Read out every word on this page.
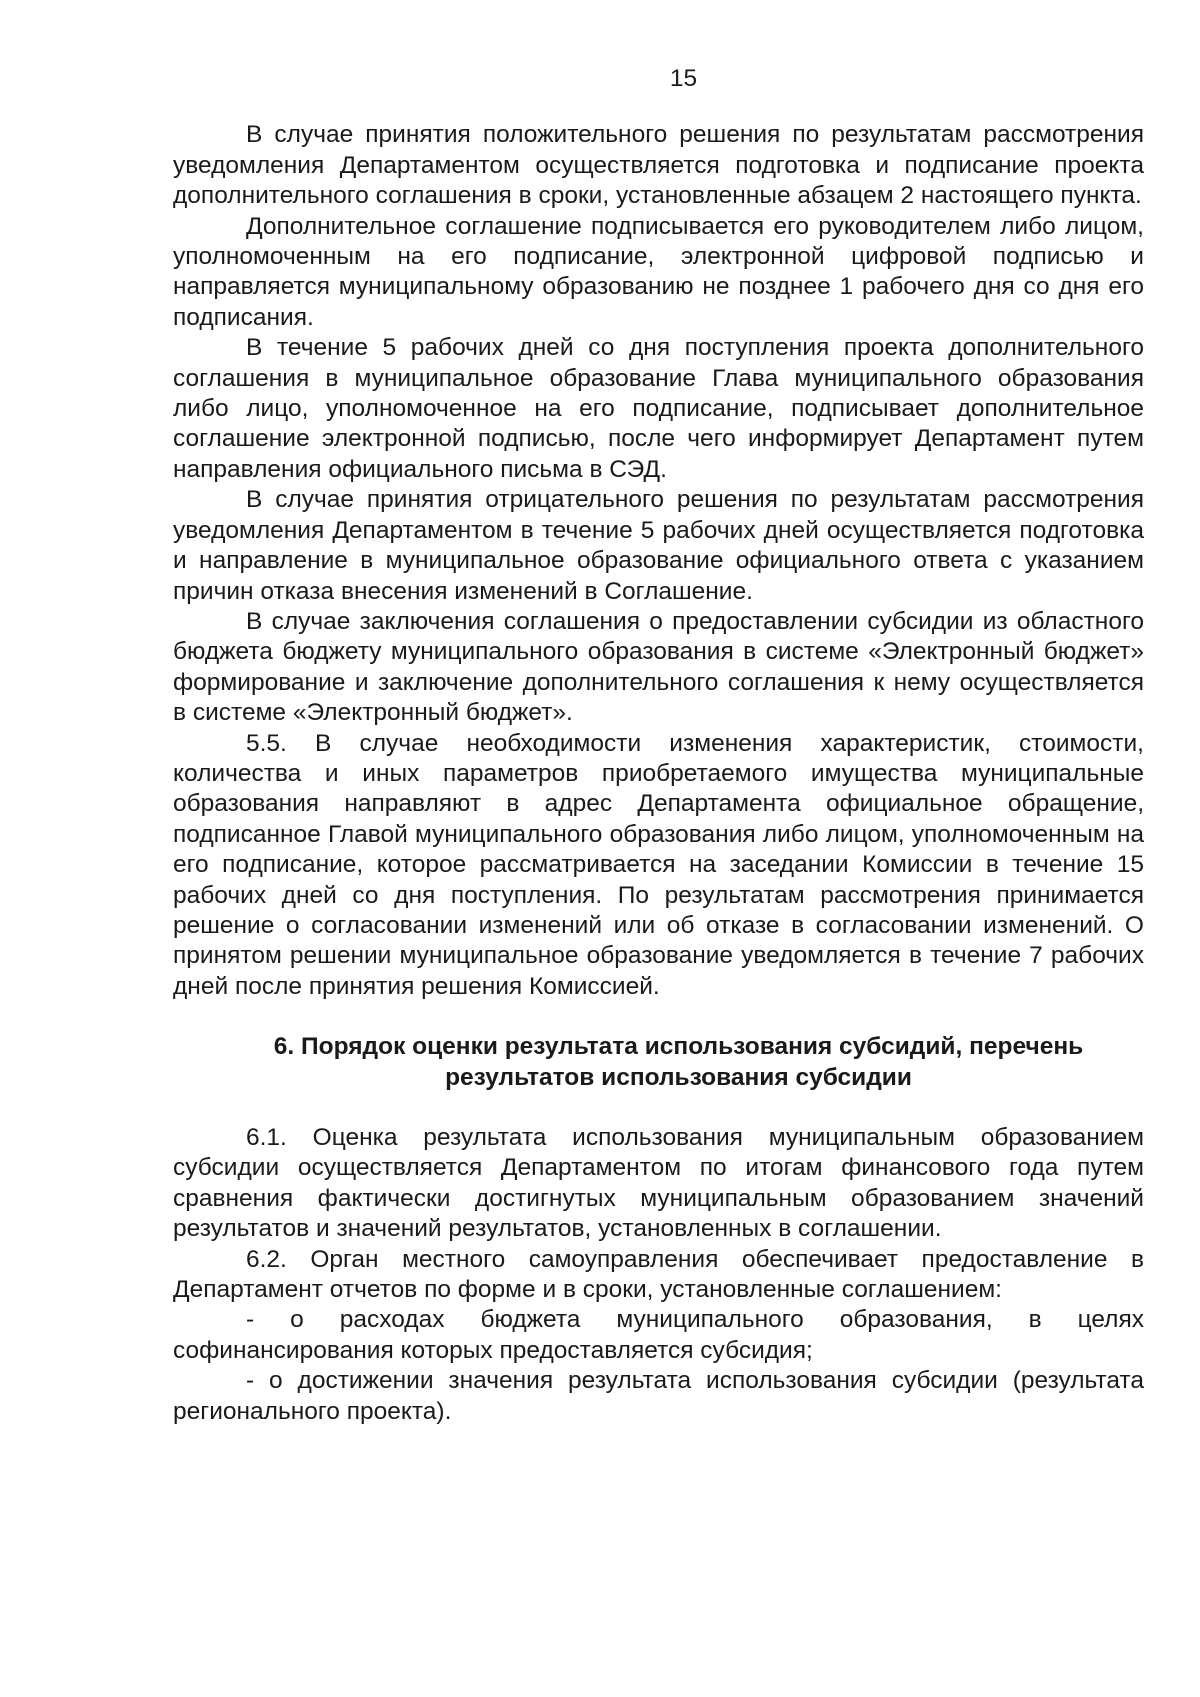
15

В случае принятия положительного решения по результатам рассмотрения уведомления Департаментом осуществляется подготовка и подписание проекта дополнительного соглашения в сроки, установленные абзацем 2 настоящего пункта.

Дополнительное соглашение подписывается его руководителем либо лицом, уполномоченным на его подписание, электронной цифровой подписью и направляется муниципальному образованию не позднее 1 рабочего дня со дня его подписания.

В течение 5 рабочих дней со дня поступления проекта дополнительного соглашения в муниципальное образование Глава муниципального образования либо лицо, уполномоченное на его подписание, подписывает дополнительное соглашение электронной подписью, после чего информирует Департамент путем направления официального письма в СЭД.

В случае принятия отрицательного решения по результатам рассмотрения уведомления Департаментом в течение 5 рабочих дней осуществляется подготовка и направление в муниципальное образование официального ответа с указанием причин отказа внесения изменений в Соглашение.

В случае заключения соглашения о предоставлении субсидии из областного бюджета бюджету муниципального образования в системе «Электронный бюджет» формирование и заключение дополнительного соглашения к нему осуществляется в системе «Электронный бюджет».

5.5. В случае необходимости изменения характеристик, стоимости, количества и иных параметров приобретаемого имущества муниципальные образования направляют в адрес Департамента официальное обращение, подписанное Главой муниципального образования либо лицом, уполномоченным на его подписание, которое рассматривается на заседании Комиссии в течение 15 рабочих дней со дня поступления. По результатам рассмотрения принимается решение о согласовании изменений или об отказе в согласовании изменений. О принятом решении муниципальное образование уведомляется в течение 7 рабочих дней после принятия решения Комиссией.

6. Порядок оценки результата использования субсидий, перечень результатов использования субсидии

6.1. Оценка результата использования муниципальным образованием субсидии осуществляется Департаментом по итогам финансового года путем сравнения фактически достигнутых муниципальным образованием значений результатов и значений результатов, установленных в соглашении.

6.2. Орган местного самоуправления обеспечивает предоставление в Департамент отчетов по форме и в сроки, установленные соглашением:

- о расходах бюджета муниципального образования, в целях софинансирования которых предоставляется субсидия;

- о достижении значения результата использования субсидии (результата регионального проекта).
